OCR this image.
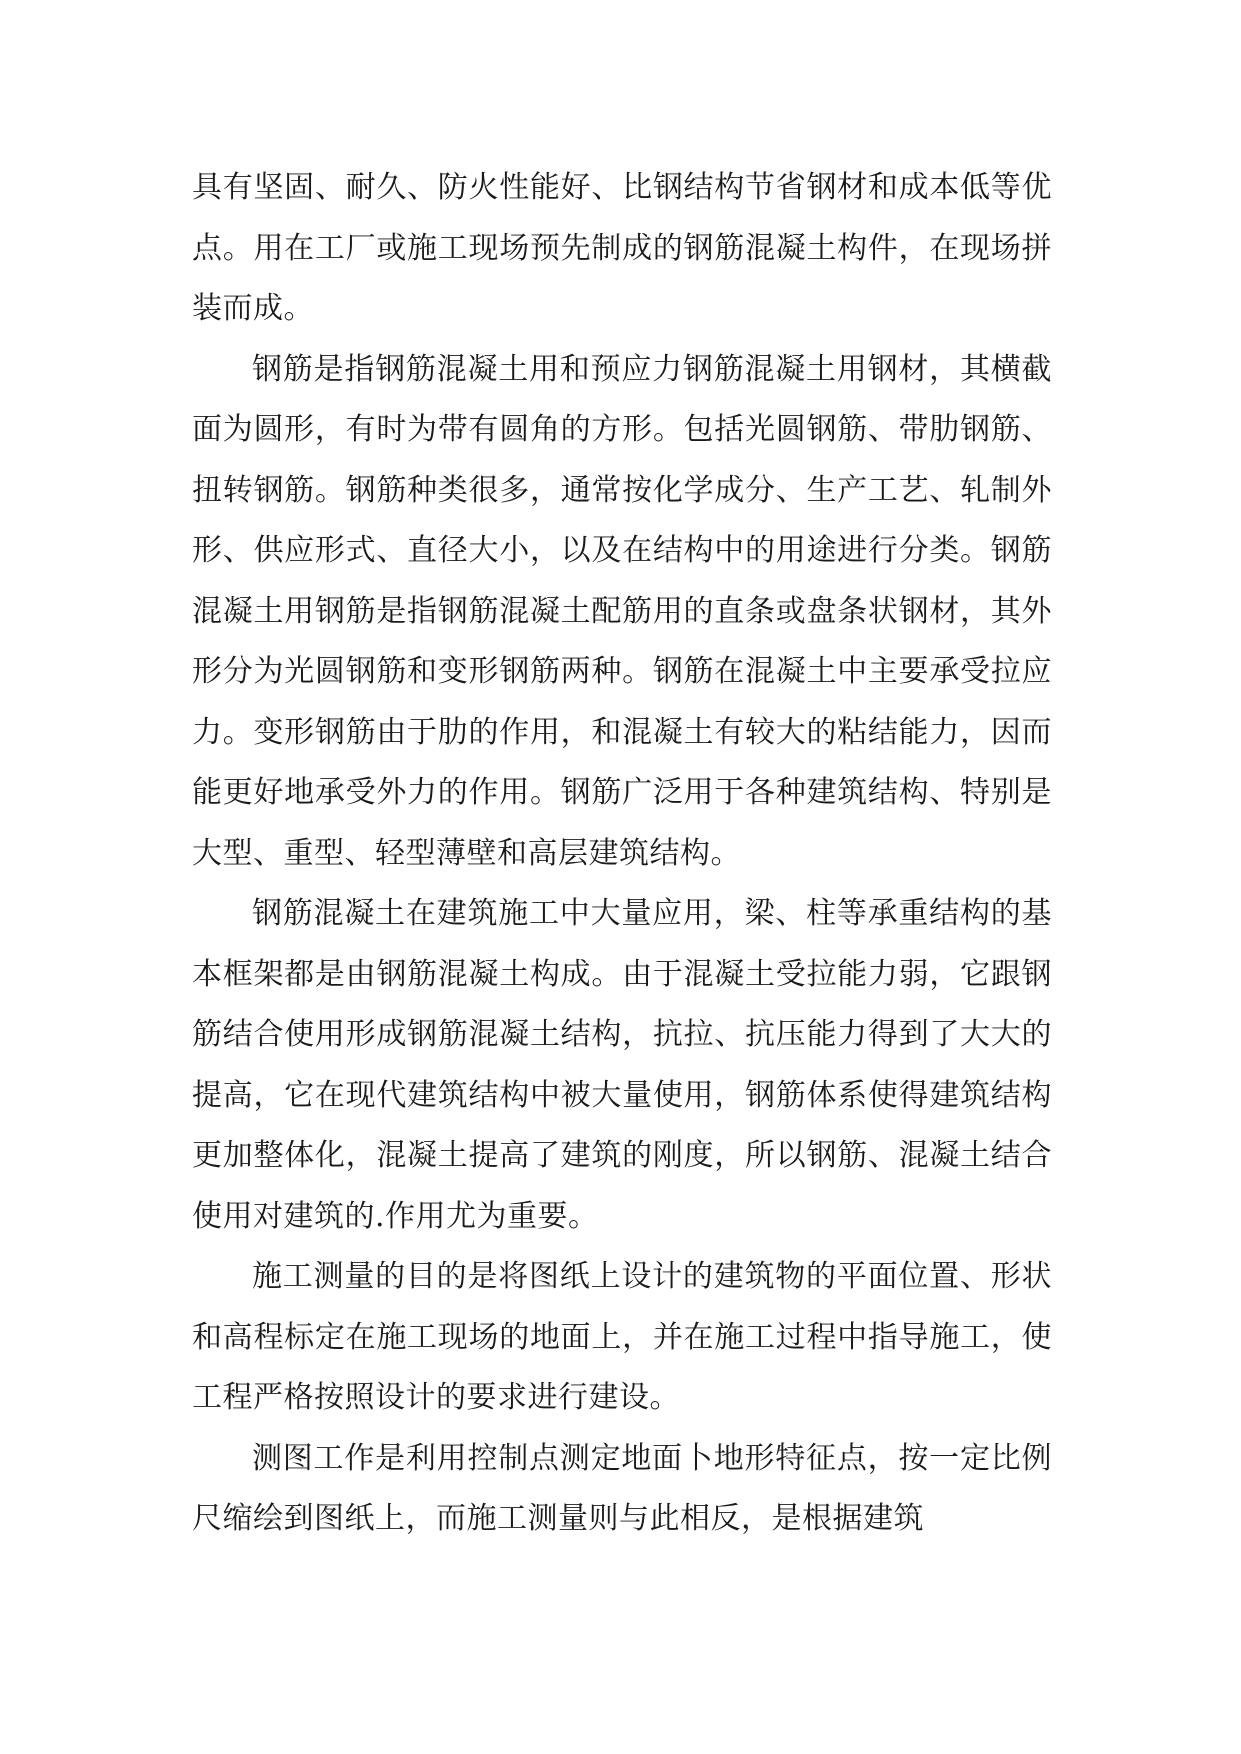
具有坚固、耐久、防火性能好、比钢结构节省钢材和成本低等优点。用在工厂或施工现场预先制成的钢筋混凝土构件，在现场拼装而成。

钢筋是指钢筋混凝土用和预应力钢筋混凝土用钢材，其横截面为圆形，有时为带有圆角的方形。包括光圆钢筋、带肋钢筋、扭转钢筋。钢筋种类很多，通常按化学成分、生产工艺、轧制外形、供应形式、直径大小，以及在结构中的用途进行分类。钢筋混凝土用钢筋是指钢筋混凝土配筋用的直条或盘条状钢材，其外形分为光圆钢筋和变形钢筋两种。钢筋在混凝土中主要承受拉应力。变形钢筋由于肋的作用，和混凝土有较大的粘结能力，因而能更好地承受外力的作用。钢筋广泛用于各种建筑结构、特别是大型、重型、轻型薄壁和高层建筑结构。

钢筋混凝土在建筑施工中大量应用，梁、柱等承重结构的基本框架都是由钢筋混凝土构成。由于混凝土受拉能力弱，它跟钢筋结合使用形成钢筋混凝土结构，抗拉、抗压能力得到了大大的提高，它在现代建筑结构中被大量使用，钢筋体系使得建筑结构更加整体化，混凝土提高了建筑的刚度，所以钢筋、混凝土结合使用对建筑的.作用尤为重要。

施工测量的目的是将图纸上设计的建筑物的平面位置、形状和高程标定在施工现场的地面上，并在施工过程中指导施工，使工程严格按照设计的要求进行建设。

测图工作是利用控制点测定地面卜地形特征点，按一定比例尺缩绘到图纸上，而施工测量则与此相反，是根据建筑
